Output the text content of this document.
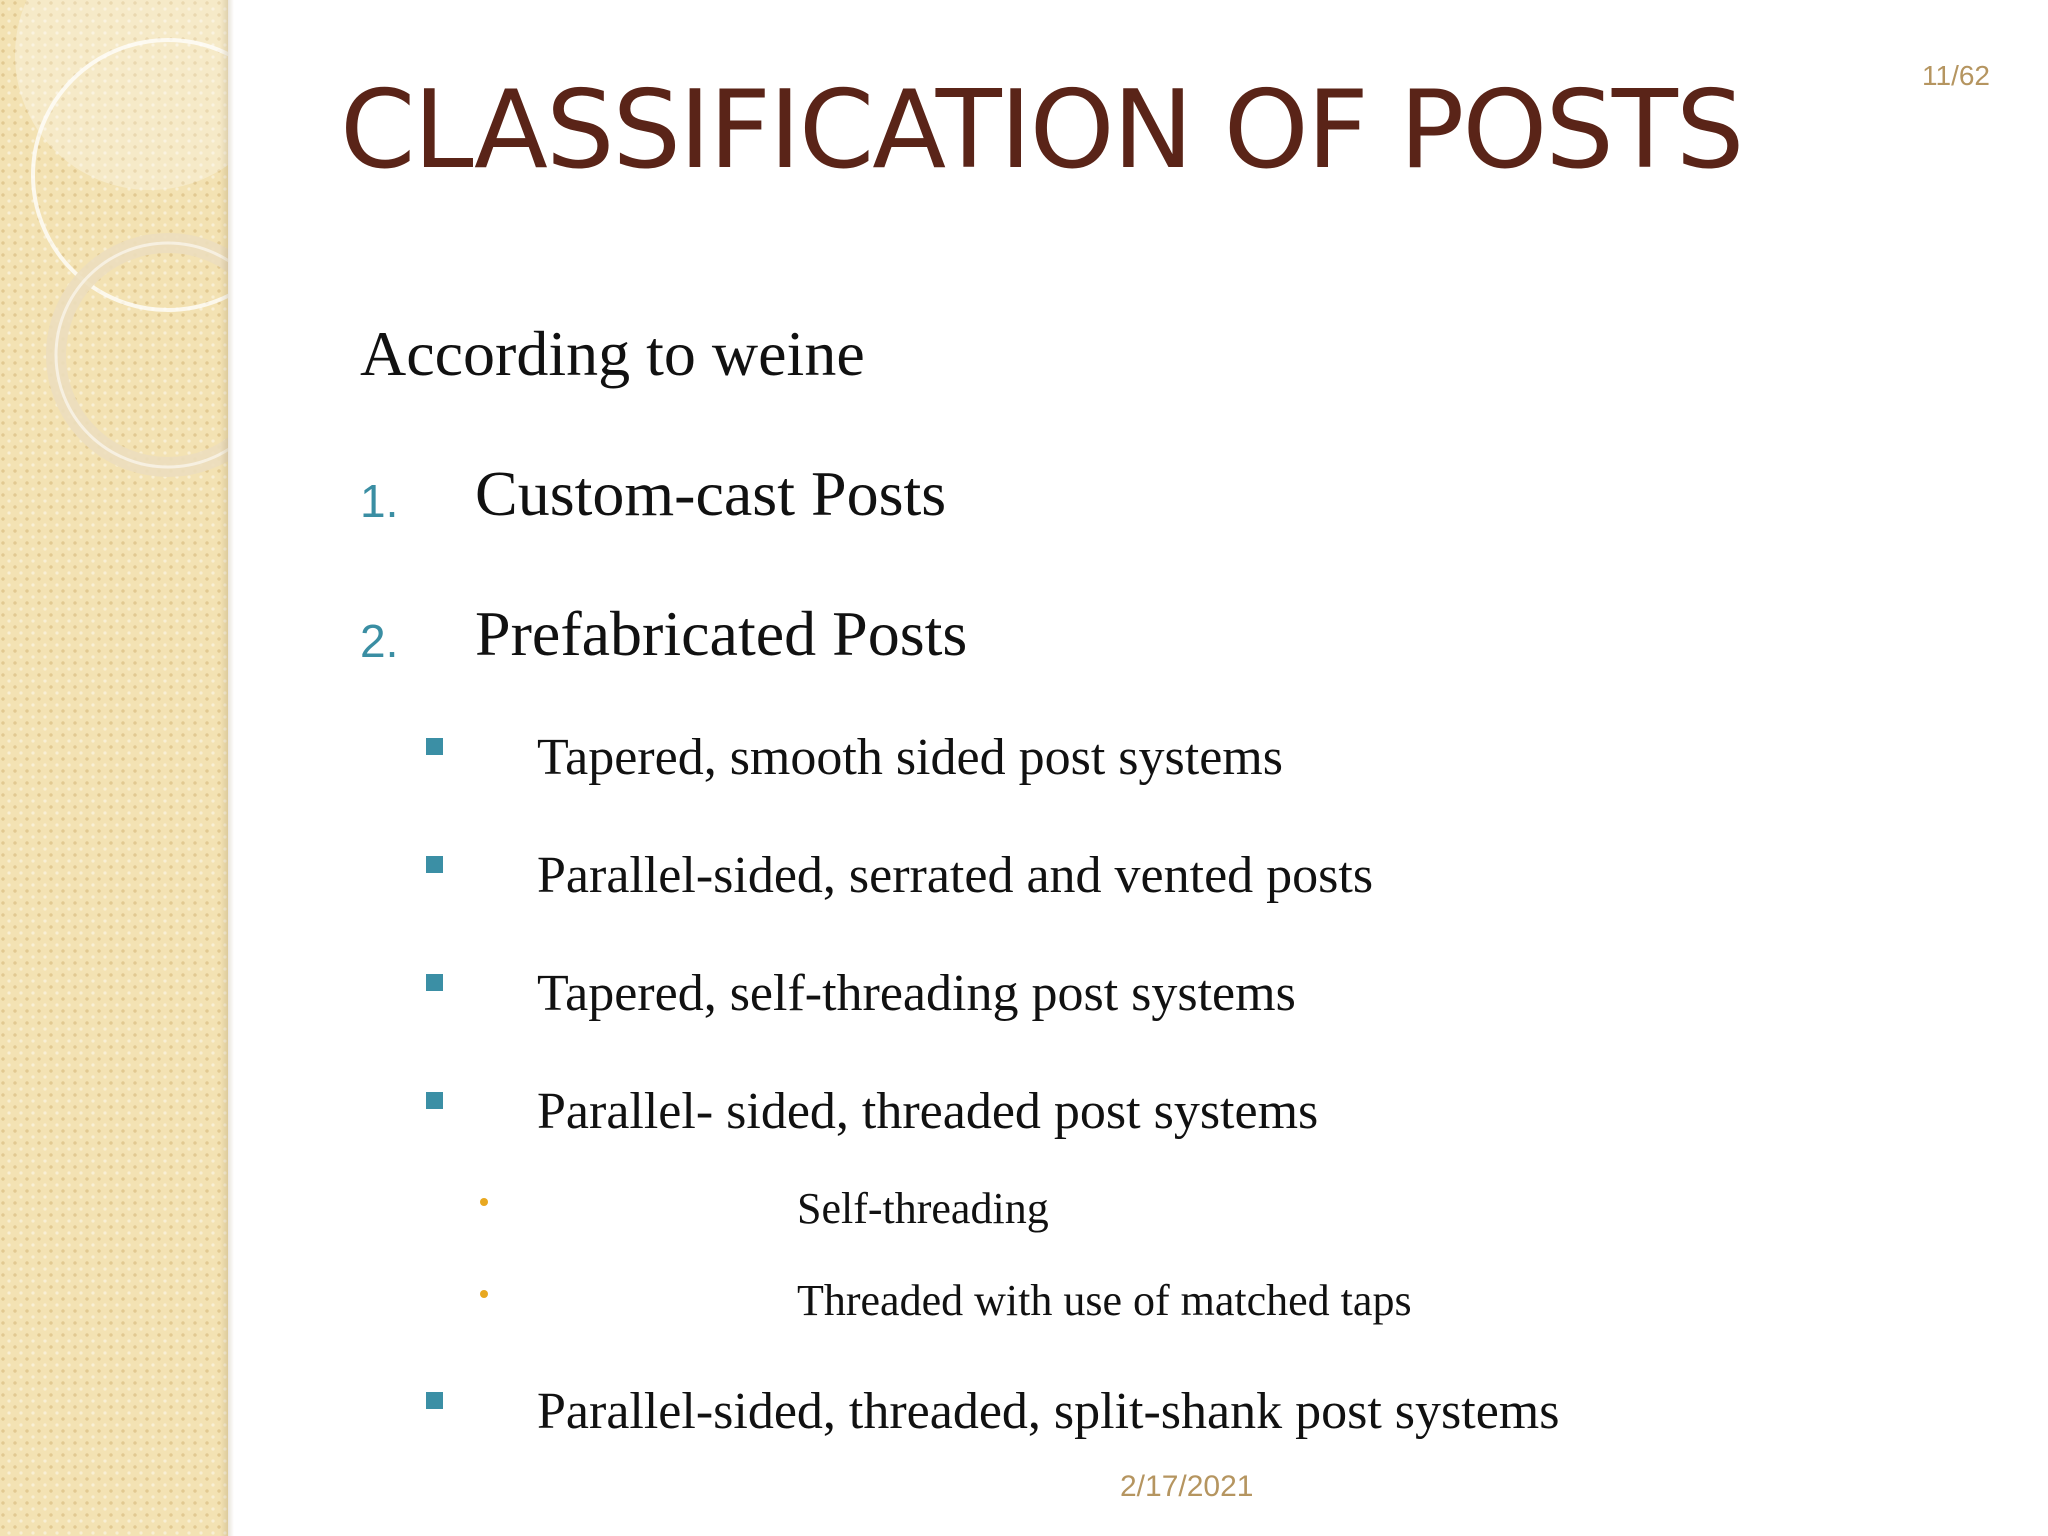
11/62
CLASSIFICATION OF POSTS
According to weine
1. Custom-cast Posts
2. Prefabricated Posts
Tapered, smooth sided post systems
Parallel-sided, serrated and vented posts
Tapered, self-threading post systems
Parallel- sided, threaded post systems
Self-threading
Threaded with use of matched taps
Parallel-sided, threaded, split-shank post systems
2/17/2021
